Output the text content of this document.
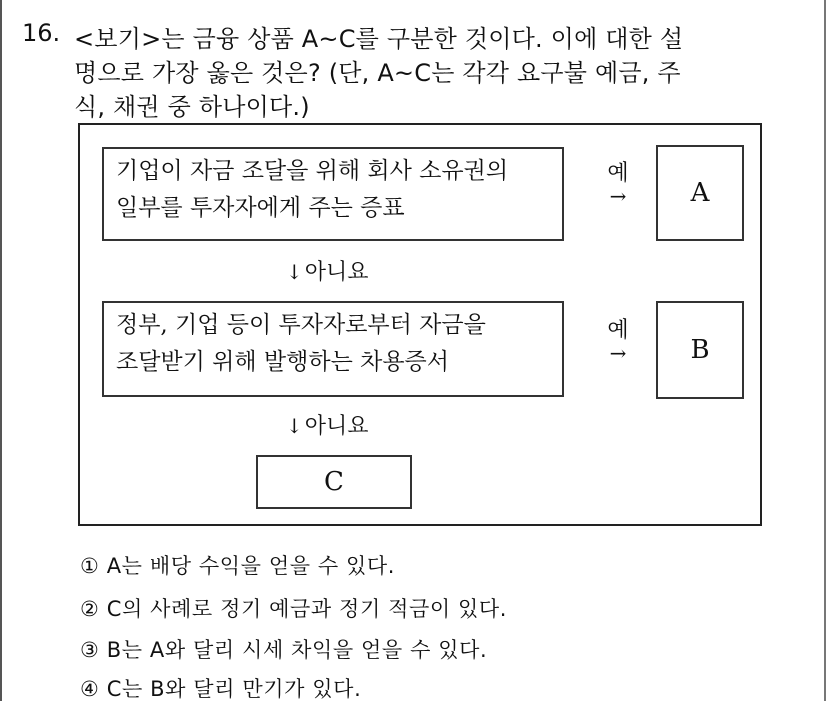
16. <보기>는 금융 상품 A~C를 구분한 것이다. 이에 대한 설
명으로 가장 옳은 것은? (단, A~C는 각각 요구불 예금, 주
식, 채권 중 하나이다.)
기업이 자금 조달을 위해 회사 소유권의
일부를 투자자에게 주는 증표
예
→	A
↓아니요
정부, 기업 등이 투자자로부터 자금을
조달받기 위해 발행하는 차용증서
예
→	B
↓아니요
C
① A는 배당 수익을 얻을 수 있다.
② C의 사례로 정기 예금과 정기 적금이 있다.
③ B는 A와 달리 시세 차익을 얻을 수 있다.
④ C는 B와 달리 만기가 있다.
